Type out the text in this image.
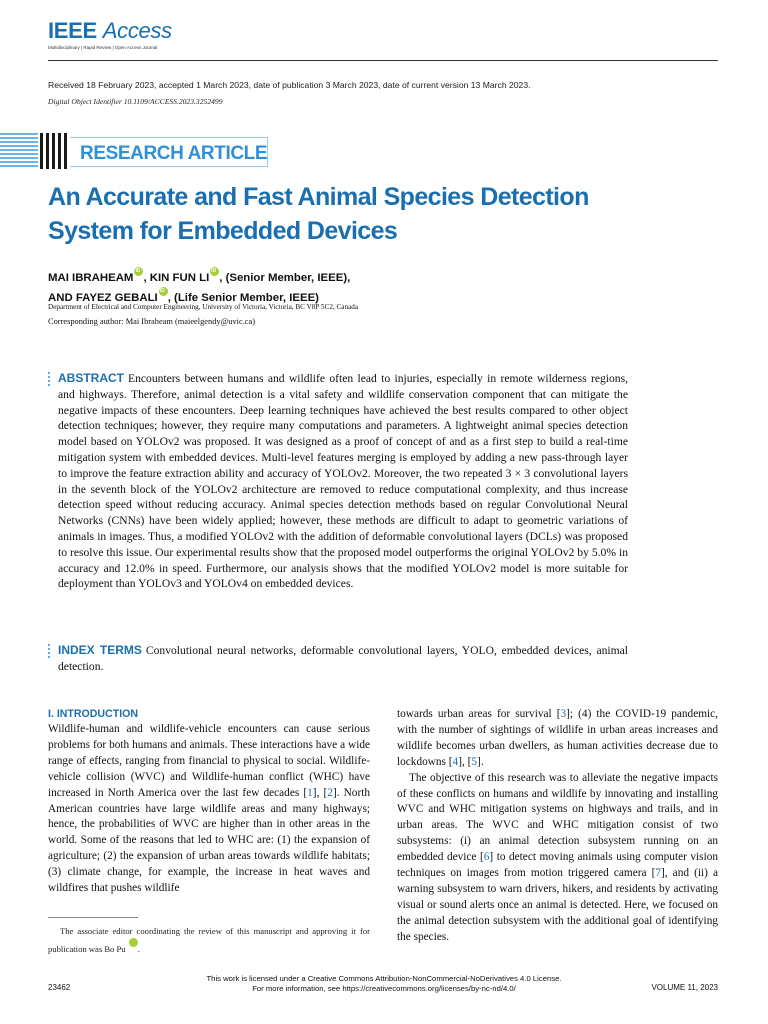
IEEE Access
Multidisciplinary | Rapid Review | Open Access Journal
Received 18 February 2023, accepted 1 March 2023, date of publication 3 March 2023, date of current version 13 March 2023.
Digital Object Identifier 10.1109/ACCESS.2023.3252499
RESEARCH ARTICLE
An Accurate and Fast Animal Species Detection
System for Embedded Devices
MAI IBRAHEAMiD , KIN FUN LIiD , (Senior Member, IEEE),
AND FAYEZ GEBALIiD , (Life Senior Member, IEEE)
Department of Electrical and Computer Engineering, University of Victoria, Victoria, BC V8P 5C2, Canada
Corresponding author: Mai Ibraheam (maieelgendy@uvic.ca)
ABSTRACT Encounters between humans and wildlife often lead to injuries, especially in remote wilderness regions, and highways. Therefore, animal detection is a vital safety and wildlife conservation component that can mitigate the negative impacts of these encounters. Deep learning techniques have achieved the best results compared to other object detection techniques; however, they require many computations and parameters. A lightweight animal species detection model based on YOLOv2 was proposed. It was designed as a proof of concept of and as a first step to build a real-time mitigation system with embedded devices. Multi-level features merging is employed by adding a new pass-through layer to improve the feature extraction ability and accuracy of YOLOv2. Moreover, the two repeated 3 × 3 convolutional layers in the seventh block of the YOLOv2 architecture are removed to reduce computational complexity, and thus increase detection speed without reducing accuracy. Animal species detection methods based on regular Convolutional Neural Networks (CNNs) have been widely applied; however, these methods are difficult to adapt to geometric variations of animals in images. Thus, a modified YOLOv2 with the addition of deformable convolutional layers (DCLs) was proposed to resolve this issue. Our experimental results show that the proposed model outperforms the original YOLOv2 by 5.0% in accuracy and 12.0% in speed. Furthermore, our analysis shows that the modified YOLOv2 model is more suitable for deployment than YOLOv3 and YOLOv4 on embedded devices.
INDEX TERMS Convolutional neural networks, deformable convolutional layers, YOLO, embedded devices, animal detection.
I. INTRODUCTION

Wildlife-human and wildlife-vehicle encounters can cause serious problems for both humans and animals. These interactions have a wide range of effects, ranging from financial to physical to social. Wildlife-vehicle collision (WVC) and Wildlife-human conflict (WHC) have increased in North America over the last few decades [1], [2]. North American countries have large wildlife areas and many highways; hence, the probabilities of WVC are higher than in other areas in the world. Some of the reasons that led to WHC are: (1) the expansion of agriculture; (2) the expansion of urban areas towards wildlife habitats; (3) climate change, for example, the increase in heat waves and wildfires that pushes wildlife

The associate editor coordinating the review of this manuscript and approving it for publication was Bo Pu iD .

towards urban areas for survival [3]; (4) the COVID-19 pandemic, with the number of sightings of wildlife in urban areas increases and wildlife becomes urban dwellers, as human activities decrease due to lockdowns [4], [5].

The objective of this research was to alleviate the negative impacts of these conflicts on humans and wildlife by innovating and installing WVC and WHC mitigation systems on highways and trails, and in urban areas. The WVC and WHC mitigation consist of two subsystems: (i) an animal detection subsystem running on an embedded device [6] to detect moving animals using computer vision techniques on images from motion triggered camera [7], and (ii) a warning subsystem to warn drivers, hikers, and residents by activating visual or sound alerts once an animal is detected. Here, we focused on the animal detection subsystem with the additional goal of identifying the species.

This work is licensed under a Creative Commons Attribution-NonCommercial-NoDerivatives 4.0 License.
For more information, see https://creativecommons.org/licenses/by-nc-nd/4.0/
23462	VOLUME 11, 2023
